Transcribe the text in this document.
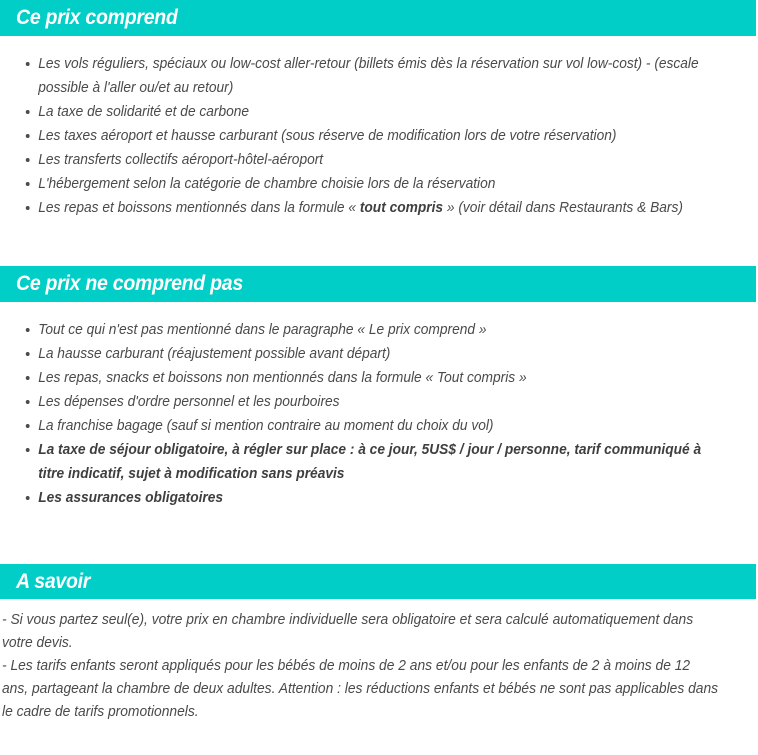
Ce prix comprend
Les vols réguliers, spéciaux ou low-cost aller-retour (billets émis dès la réservation sur vol low-cost) - (escale possible à l'aller ou/et au retour)
La taxe de solidarité et de carbone
Les taxes aéroport et hausse carburant (sous réserve de modification lors de votre réservation)
Les transferts collectifs aéroport-hôtel-aéroport
L'hébergement selon la catégorie de chambre choisie lors de la réservation
Les repas et boissons mentionnés dans la formule « tout compris » (voir détail dans Restaurants & Bars)
Ce prix ne comprend pas
Tout ce qui n'est pas mentionné dans le paragraphe « Le prix comprend »
La hausse carburant (réajustement possible avant départ)
Les repas, snacks et boissons non mentionnés dans la formule « Tout compris »
Les dépenses d'ordre personnel et les pourboires
La franchise bagage (sauf si mention contraire au moment du choix du vol)
La taxe de séjour obligatoire, à régler sur place : à ce jour, 5US$ / jour / personne, tarif communiqué à titre indicatif, sujet à modification sans préavis
Les assurances obligatoires
A savoir

- Si vous partez seul(e), votre prix en chambre individuelle sera obligatoire et sera calculé automatiquement dans votre devis.

- Les tarifs enfants seront appliqués pour les bébés de moins de 2 ans et/ou pour les enfants de 2 à moins de 12 ans, partageant la chambre de deux adultes. Attention : les réductions enfants et bébés ne sont pas applicables dans le cadre de tarifs promotionnels.
